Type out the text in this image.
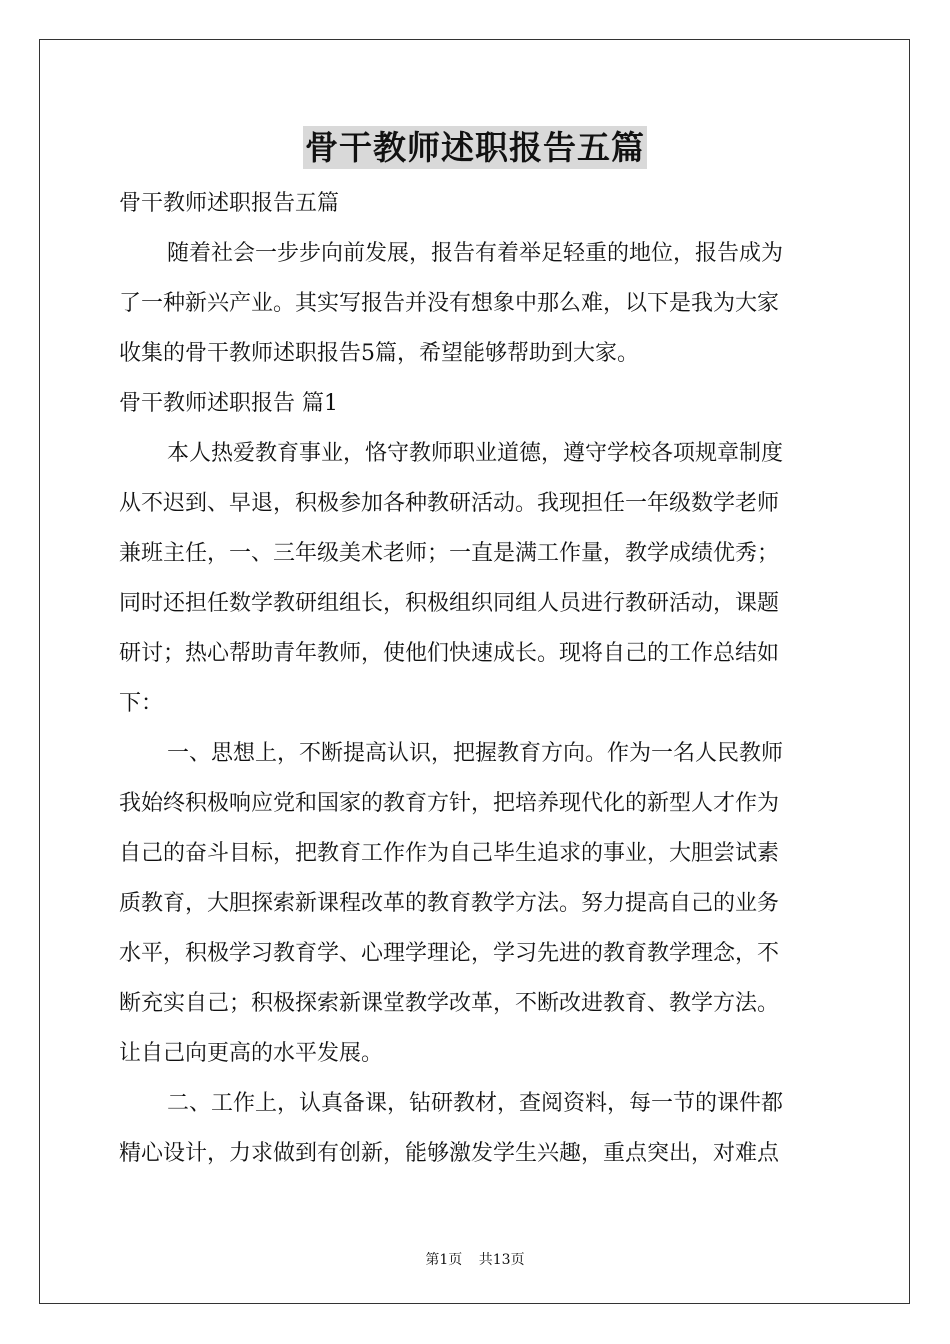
骨干教师述职报告五篇
骨干教师述职报告五篇
随着社会一步步向前发展，报告有着举足轻重的地位，报告成为
了一种新兴产业。其实写报告并没有想象中那么难，以下是我为大家
收集的骨干教师述职报告5篇，希望能够帮助到大家。
骨干教师述职报告 篇1
本人热爱教育事业，恪守教师职业道德，遵守学校各项规章制度
从不迟到、早退，积极参加各种教研活动。我现担任一年级数学老师
兼班主任，一、三年级美术老师；一直是满工作量，教学成绩优秀；
同时还担任数学教研组组长，积极组织同组人员进行教研活动，课题
研讨；热心帮助青年教师，使他们快速成长。现将自己的工作总结如
下：
一、思想上，不断提高认识，把握教育方向。作为一名人民教师
我始终积极响应党和国家的教育方针，把培养现代化的新型人才作为
自己的奋斗目标，把教育工作作为自己毕生追求的事业，大胆尝试素
质教育，大胆探索新课程改革的教育教学方法。努力提高自己的业务
水平，积极学习教育学、心理学理论，学习先进的教育教学理念，不
断充实自己；积极探索新课堂教学改革，不断改进教育、教学方法。
让自己向更高的水平发展。
二、工作上，认真备课，钻研教材，查阅资料，每一节的课件都
精心设计，力求做到有创新，能够激发学生兴趣，重点突出，对难点
第1页 共13页
